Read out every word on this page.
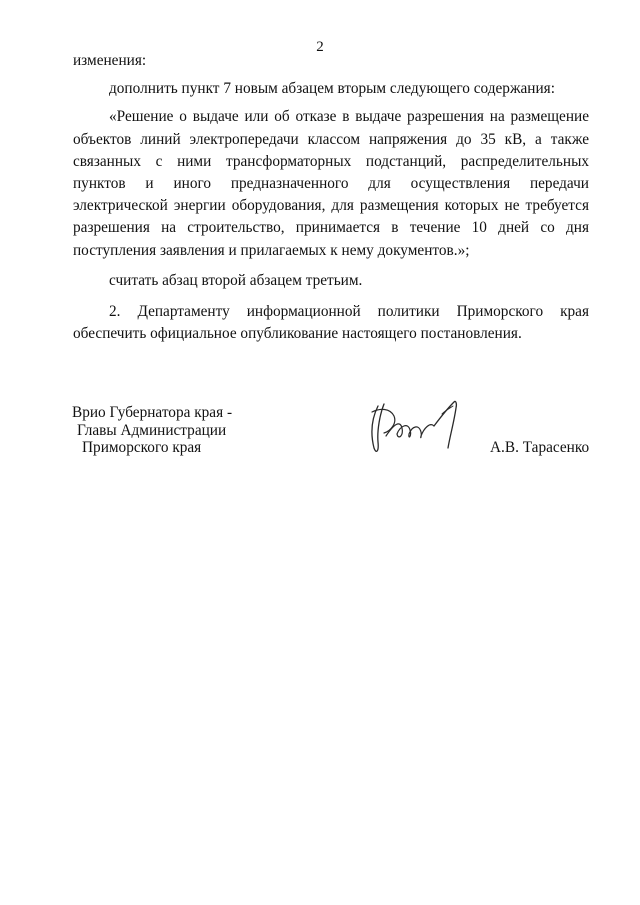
2

изменения:

дополнить пункт 7 новым абзацем вторым следующего содержания:

«Решение о выдаче или об отказе в выдаче разрешения на размещение объектов линий электропередачи классом напряжения до 35 кВ, а также связанных с ними трансформаторных подстанций, распределительных пунктов и иного предназначенного для осуществления передачи электрической энергии оборудования, для размещения которых не требуется разрешения на строительство, принимается в течение 10 дней со дня поступления заявления и прилагаемых к нему документов.»;

считать абзац второй абзацем третьим.

2. Департаменту информационной политики Приморского края обеспечить официальное опубликование настоящего постановления.

Врио Губернатора края -
Главы Администрации
Приморского края	А.В. Тарасенко
